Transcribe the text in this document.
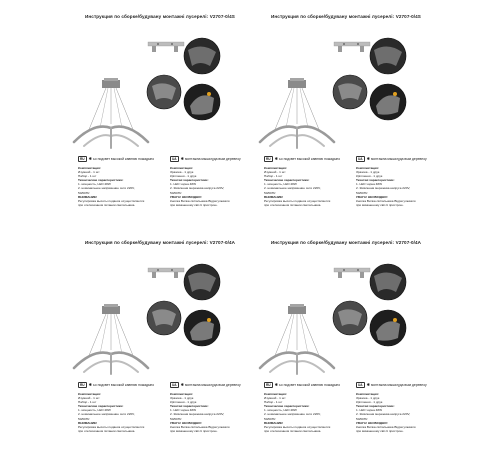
Инструкция по сборке/будувану монтажні лусерелі: V2707-0/4S
RU ✱ьо подсвет высокой кавнюю пожадыно	UA ✱монтажна мышьтуда вым деревеоу
Комплектация:
Изумной - 1 шт
Набор - 1 шт
Технические характеристики:
1. мощность, LED 48W
2. номинальное напряжение сети 220V,
50/60Hz
ВНИМАНИЕ!
Регулировка высоты подвеса осуществляется
при отключённом питании светильника.
Комплектация:
Зразока - 1 друк.
Кріплення - 1 друк.
Технічні характеристики:
1. LED чорна 48W
2. Живлення мережева напруга 220V,
50/60Hz
УВАГА! НЕОБХІДНО!
Кнопка Вилка світильника Відрегулювати
при вимкненому світлі пристрою.
Инструкция по сборке/будувану монтажні лусерелі: V2707-0/4S
RU ✱ьо подсвет высокой кавнюю пожадыно	UA ✱монтажна мышьтуда вым деревеоу
Комплектация:
Изумной - 1 шт
Набор - 1 шт
Технические характеристики:
1. мощность, LED 48W
2. номинальное напряжение сети 220V,
50/60Hz
ВНИМАНИЕ!
Регулировка высоты подвеса осуществляется
при отключённом питании светильника.
Комплектация:
Зразока - 1 друк.
Кріплення - 1 друк.
Технічні характеристики:
1. LED чорна 48W
2. Живлення мережева напруга 220V,
50/60Hz
УВАГА! НЕОБХІДНО!
Кнопка Вилка світильника Відрегулювати
при вимкненому світлі пристрою.
Инструкция по сборке/будувану монтажні лусерелі: V2707-0/4A
RU ✱ьо подсвет высокой кавнюю пожадыно	UA ✱монтажна мышьтуда вым деревеоу
Комплектация:
Изумной - 1 шт
Набор - 1 шт
Технические характеристики:
1. мощность, LED 48W
2. номинальное напряжение сети 220V,
50/60Hz
ВНИМАНИЕ!
Регулировка высоты подвеса осуществляется
при отключённом питании светильника.
Комплектация:
Зразока - 1 друк.
Кріплення - 1 друк.
Технічні характеристики:
1. LED чорна 48W
2. Живлення мережева напруга 220V,
50/60Hz
УВАГА! НЕОБХІДНО!
Кнопка Вилка світильника Відрегулювати
при вимкненому світлі пристрою.
Инструкция по сборке/будувану монтажні лусерелі: V2707-0/4A
RU ✱ьо подсвет высокой кавнюю пожадыно	UA ✱монтажна мышьтуда вым деревеоу
Комплектация:
Изумной - 1 шт
Набор - 1 шт
Технические характеристики:
1. мощность, LED 48W
2. номинальное напряжение сети 220V,
50/60Hz
ВНИМАНИЕ!
Регулировка высоты подвеса осуществляется
при отключённом питании светильника.
Комплектация:
Зразока - 1 друк.
Кріплення - 1 друк.
Технічні характеристики:
1. LED чорна 48W
2. Живлення мережева напруга 220V,
50/60Hz
УВАГА! НЕОБХІДНО!
Кнопка Вилка світильника Відрегулювати
при вимкненому світлі пристрою.
